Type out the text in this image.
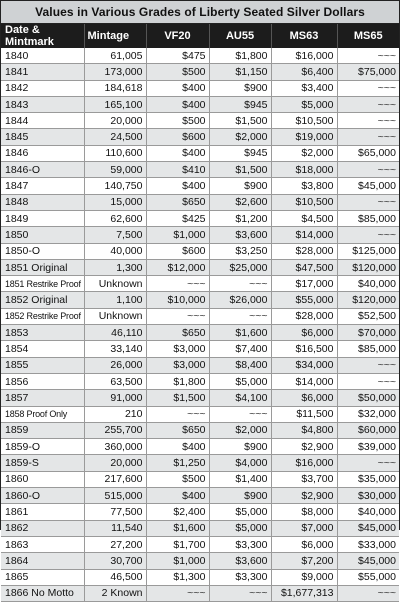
Values in Various Grades of Liberty Seated Silver Dollars
Date & Mintmark	Mintage	VF20	AU55	MS63	MS65
1840	61,005	$475	$1,800	$16,000	~~~
1841	173,000	$500	$1,150	$6,400	$75,000
1842	184,618	$400	$900	$3,400	~~~
1843	165,100	$400	$945	$5,000	~~~
1844	20,000	$500	$1,500	$10,500	~~~
1845	24,500	$600	$2,000	$19,000	~~~
1846	110,600	$400	$945	$2,000	$65,000
1846-O	59,000	$410	$1,500	$18,000	~~~
1847	140,750	$400	$900	$3,800	$45,000
1848	15,000	$650	$2,600	$10,500	~~~
1849	62,600	$425	$1,200	$4,500	$85,000
1850	7,500	$1,000	$3,600	$14,000	~~~
1850-O	40,000	$600	$3,250	$28,000	$125,000
1851 Original	1,300	$12,000	$25,000	$47,500	$120,000
1851 Restrike Proof	Unknown	~~~	~~~	$17,000	$40,000
1852 Original	1,100	$10,000	$26,000	$55,000	$120,000
1852 Restrike Proof	Unknown	~~~	~~~	$28,000	$52,500
1853	46,110	$650	$1,600	$6,000	$70,000
1854	33,140	$3,000	$7,400	$16,500	$85,000
1855	26,000	$3,000	$8,400	$34,000	~~~
1856	63,500	$1,800	$5,000	$14,000	~~~
1857	91,000	$1,500	$4,100	$6,000	$50,000
1858 Proof Only	210	~~~	~~~	$11,500	$32,000
1859	255,700	$650	$2,000	$4,800	$60,000
1859-O	360,000	$400	$900	$2,900	$39,000
1859-S	20,000	$1,250	$4,000	$16,000	~~~
1860	217,600	$500	$1,400	$3,700	$35,000
1860-O	515,000	$400	$900	$2,900	$30,000
1861	77,500	$2,400	$5,000	$8,000	$40,000
1862	11,540	$1,600	$5,000	$7,000	$45,000
1863	27,200	$1,700	$3,300	$6,000	$33,000
1864	30,700	$1,000	$3,600	$7,200	$45,000
1865	46,500	$1,300	$3,300	$9,000	$55,000
1866 No Motto	2 Known	~~~	~~~	$1,677,313	~~~
